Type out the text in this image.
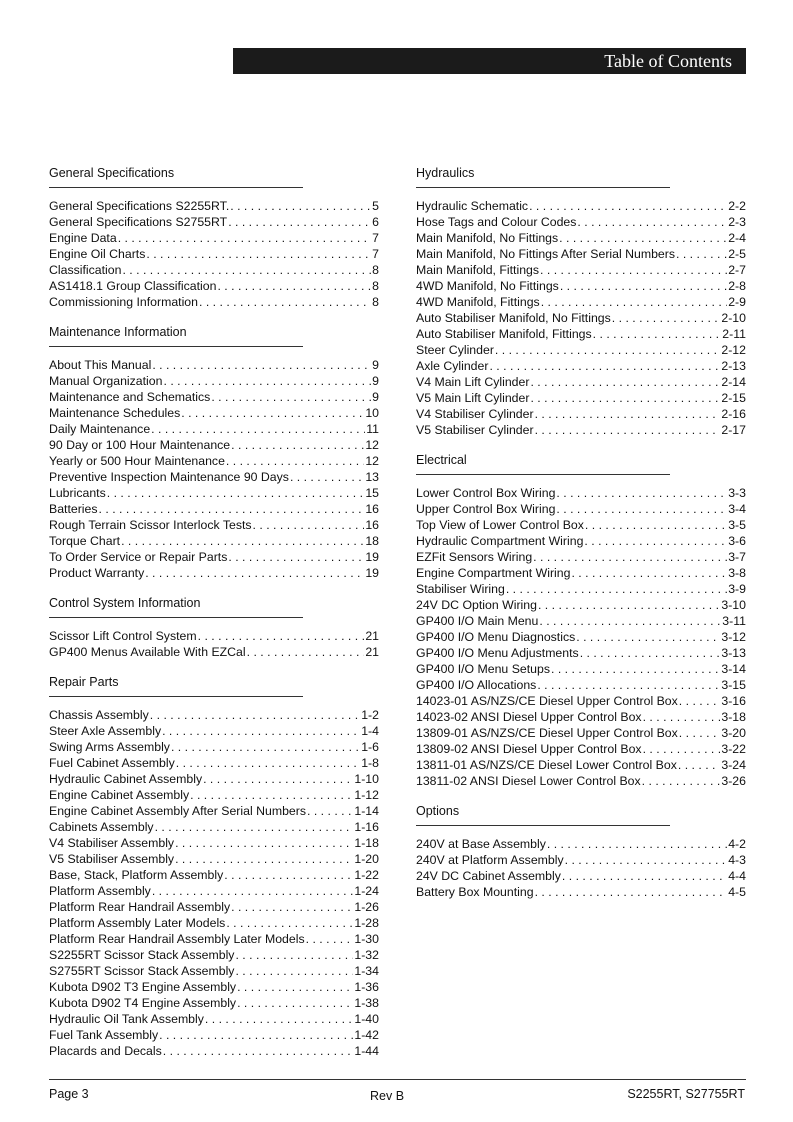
Table of Contents
General Specifications
General Specifications S2255RT. . . .	5
General Specifications S2755RT . . .	6
Engine Data . . .	7
Engine Oil Charts . . .	7
Classification . . .	8
AS1418.1 Group Classification . . .	8
Commissioning Information . . .	8
Maintenance Information
About This Manual . . .	9
Manual Organization . . .	9
Maintenance and Schematics . . .	9
Maintenance Schedules . . .	10
Daily Maintenance . . .	11
90 Day or 100 Hour Maintenance . . .	12
Yearly or 500 Hour Maintenance . . .	12
Preventive Inspection Maintenance 90 Days . . .	13
Lubricants . . .	15
Batteries . . .	16
Rough Terrain Scissor Interlock Tests . . .	16
Torque Chart . . .	18
To Order Service or Repair Parts . . .	19
Product Warranty . . .	19
Control System Information
Scissor Lift Control System . . .	21
GP400 Menus Available With EZCal . . .	21
Repair Parts
Chassis Assembly . . .	1-2
Steer Axle Assembly . . .	1-4
Swing Arms Assembly . . .	1-6
Fuel Cabinet Assembly . . .	1-8
Hydraulic Cabinet Assembly . . .	1-10
Engine Cabinet Assembly . . .	1-12
Engine Cabinet Assembly After Serial Numbers . . .	1-14
Cabinets Assembly . . .	1-16
V4 Stabiliser Assembly . . .	1-18
V5 Stabiliser Assembly . . .	1-20
Base, Stack, Platform Assembly . . .	1-22
Platform Assembly . . .	1-24
Platform Rear Handrail Assembly . . .	1-26
Platform Assembly Later Models . . .	1-28
Platform Rear Handrail Assembly Later Models . . .	1-30
S2255RT Scissor Stack Assembly . . .	1-32
S2755RT Scissor Stack Assembly . . .	1-34
Kubota D902 T3 Engine Assembly . . .	1-36
Kubota D902 T4 Engine Assembly . . .	1-38
Hydraulic Oil Tank Assembly . . .	1-40
Fuel Tank Assembly . . .	1-42
Placards and Decals . . .	1-44
Hydraulics
Hydraulic Schematic . . .	2-2
Hose Tags and Colour Codes . . .	2-3
Main Manifold, No Fittings . . .	2-4
Main Manifold, No Fittings After Serial Numbers . . .	2-5
Main Manifold, Fittings . . .	2-7
4WD Manifold, No Fittings . . .	2-8
4WD Manifold, Fittings . . .	2-9
Auto Stabiliser Manifold, No Fittings . . .	2-10
Auto Stabiliser Manifold, Fittings . . .	2-11
Steer Cylinder . . .	2-12
Axle Cylinder . . .	2-13
V4 Main Lift Cylinder . . .	2-14
V5 Main Lift Cylinder . . .	2-15
V4 Stabiliser Cylinder . . .	2-16
V5 Stabiliser Cylinder . . .	2-17
Electrical
Lower Control Box Wiring . . .	3-3
Upper Control Box Wiring . . .	3-4
Top View of Lower Control Box . . .	3-5
Hydraulic Compartment Wiring . . .	3-6
EZFit Sensors Wiring . . .	3-7
Engine Compartment Wiring . . .	3-8
Stabiliser Wiring . . .	3-9
24V DC Option Wiring . . .	3-10
GP400 I/O Main Menu . . .	3-11
GP400 I/O Menu Diagnostics . . .	3-12
GP400 I/O Menu Adjustments . . .	3-13
GP400 I/O Menu Setups . . .	3-14
GP400 I/O Allocations . . .	3-15
14023-01 AS/NZS/CE Diesel Upper Control Box . . .	3-16
14023-02 ANSI Diesel Upper Control Box . . .	3-18
13809-01 AS/NZS/CE Diesel Upper Control Box . . .	3-20
13809-02 ANSI Diesel Upper Control Box . . .	3-22
13811-01 AS/NZS/CE Diesel Lower Control Box . . .	3-24
13811-02 ANSI Diesel Lower Control Box . . .	3-26
Options
240V at Base Assembly . . .	4-2
240V at Platform Assembly . . .	4-3
24V DC Cabinet Assembly . . .	4-4
Battery Box Mounting . . .	4-5
Page 3	Rev B	S2255RT, S27755RT
